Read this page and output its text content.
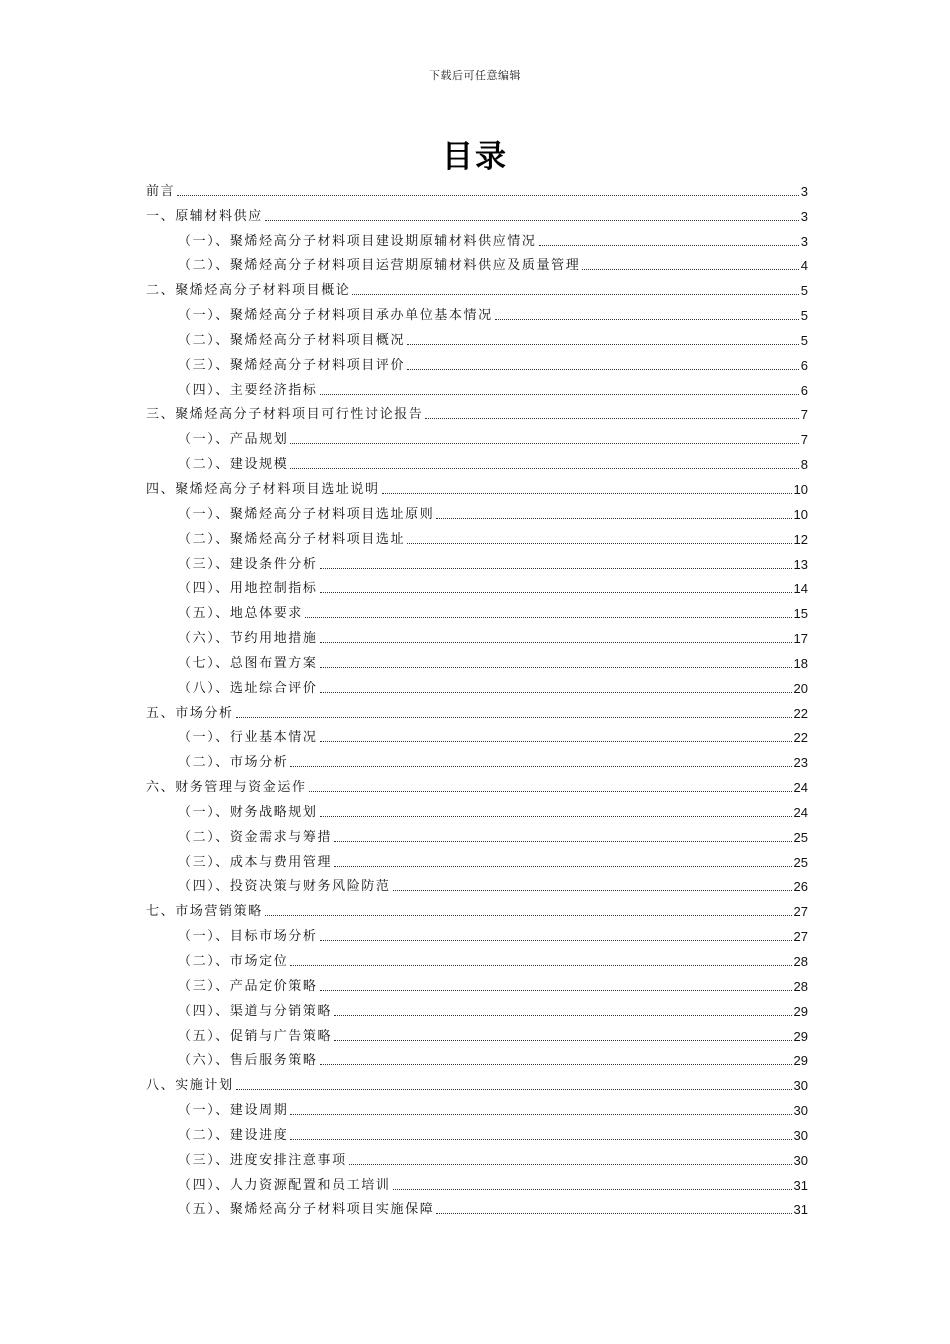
下载后可任意编辑
目录
前言	3
一、原辅材料供应	3
（一）、聚烯烃高分子材料项目建设期原辅材料供应情况	3
（二）、聚烯烃高分子材料项目运营期原辅材料供应及质量管理	4
二、聚烯烃高分子材料项目概论	5
（一）、聚烯烃高分子材料项目承办单位基本情况	5
（二）、聚烯烃高分子材料项目概况	5
（三）、聚烯烃高分子材料项目评价	6
（四）、主要经济指标	6
三、聚烯烃高分子材料项目可行性讨论报告	7
（一）、产品规划	7
（二）、建设规模	8
四、聚烯烃高分子材料项目选址说明	10
（一）、聚烯烃高分子材料项目选址原则	10
（二）、聚烯烃高分子材料项目选址	12
（三）、建设条件分析	13
（四）、用地控制指标	14
（五）、地总体要求	15
（六）、节约用地措施	17
（七）、总图布置方案	18
（八）、选址综合评价	20
五、市场分析	22
（一）、行业基本情况	22
（二）、市场分析	23
六、财务管理与资金运作	24
（一）、财务战略规划	24
（二）、资金需求与筹措	25
（三）、成本与费用管理	25
（四）、投资决策与财务风险防范	26
七、市场营销策略	27
（一）、目标市场分析	27
（二）、市场定位	28
（三）、产品定价策略	28
（四）、渠道与分销策略	29
（五）、促销与广告策略	29
（六）、售后服务策略	29
八、实施计划	30
（一）、建设周期	30
（二）、建设进度	30
（三）、进度安排注意事项	30
（四）、人力资源配置和员工培训	31
（五）、聚烯烃高分子材料项目实施保障	31
